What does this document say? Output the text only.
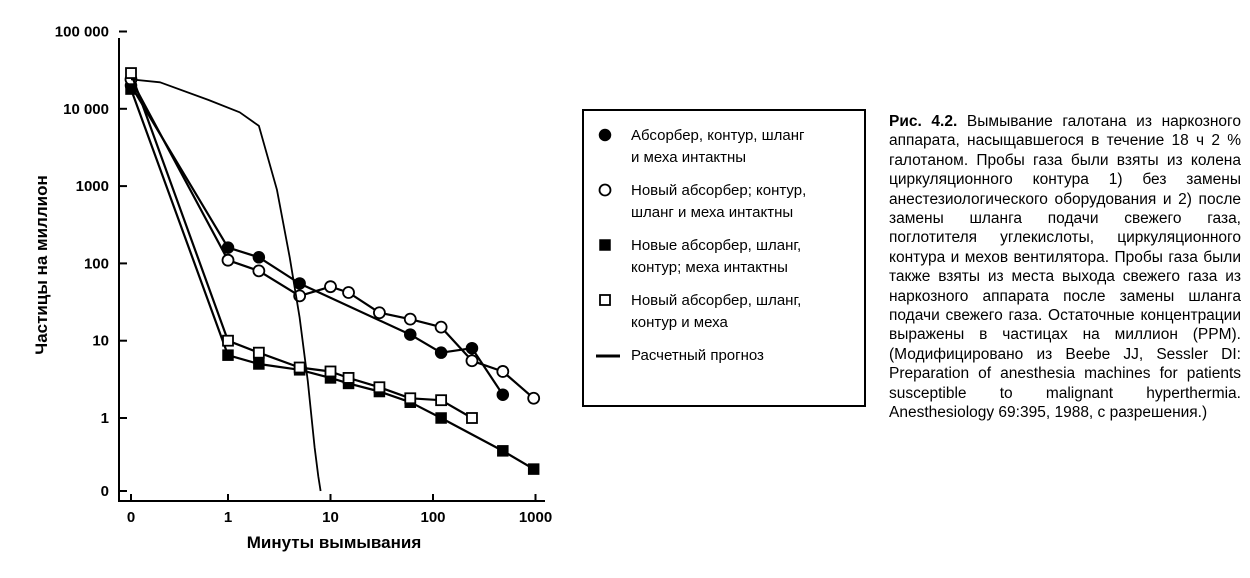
100 000
10 000
1000
100
10
1
0
0	1	10	100	1000
Абсорбер, контур, шланг
и меха интактны
Новый абсорбер; контур,
шланг и меха интактны
Новые абсорбер, шланг,
контур; меха интактны
Новый абсорбер, шланг,
контур и меха
Расчетный прогноз
Частицы на миллион
Минуты вымывания
Рис. 4.2. Вымывание галотана из наркозного аппарата, насыщавшегося в течение 18 ч 2 % галотаном. Пробы газа были взяты из колена циркуляционного контура 1) без замены анестезиологического оборудования и 2) после замены шланга подачи свежего газа, поглотителя углекислоты, циркуляционного контура и мехов вентилятора. Пробы газа были также взяты из места выхода свежего газа из наркозного аппарата после замены шланга подачи свежего газа. Остаточные концентрации выражены в частицах на миллион (PPM). (Модифицировано из Beebe JJ, Sessler DI: Preparation of anesthesia machines for patients susceptible to malignant hyperthermia. Anesthesiology 69:395, 1988, с разрешения.)
